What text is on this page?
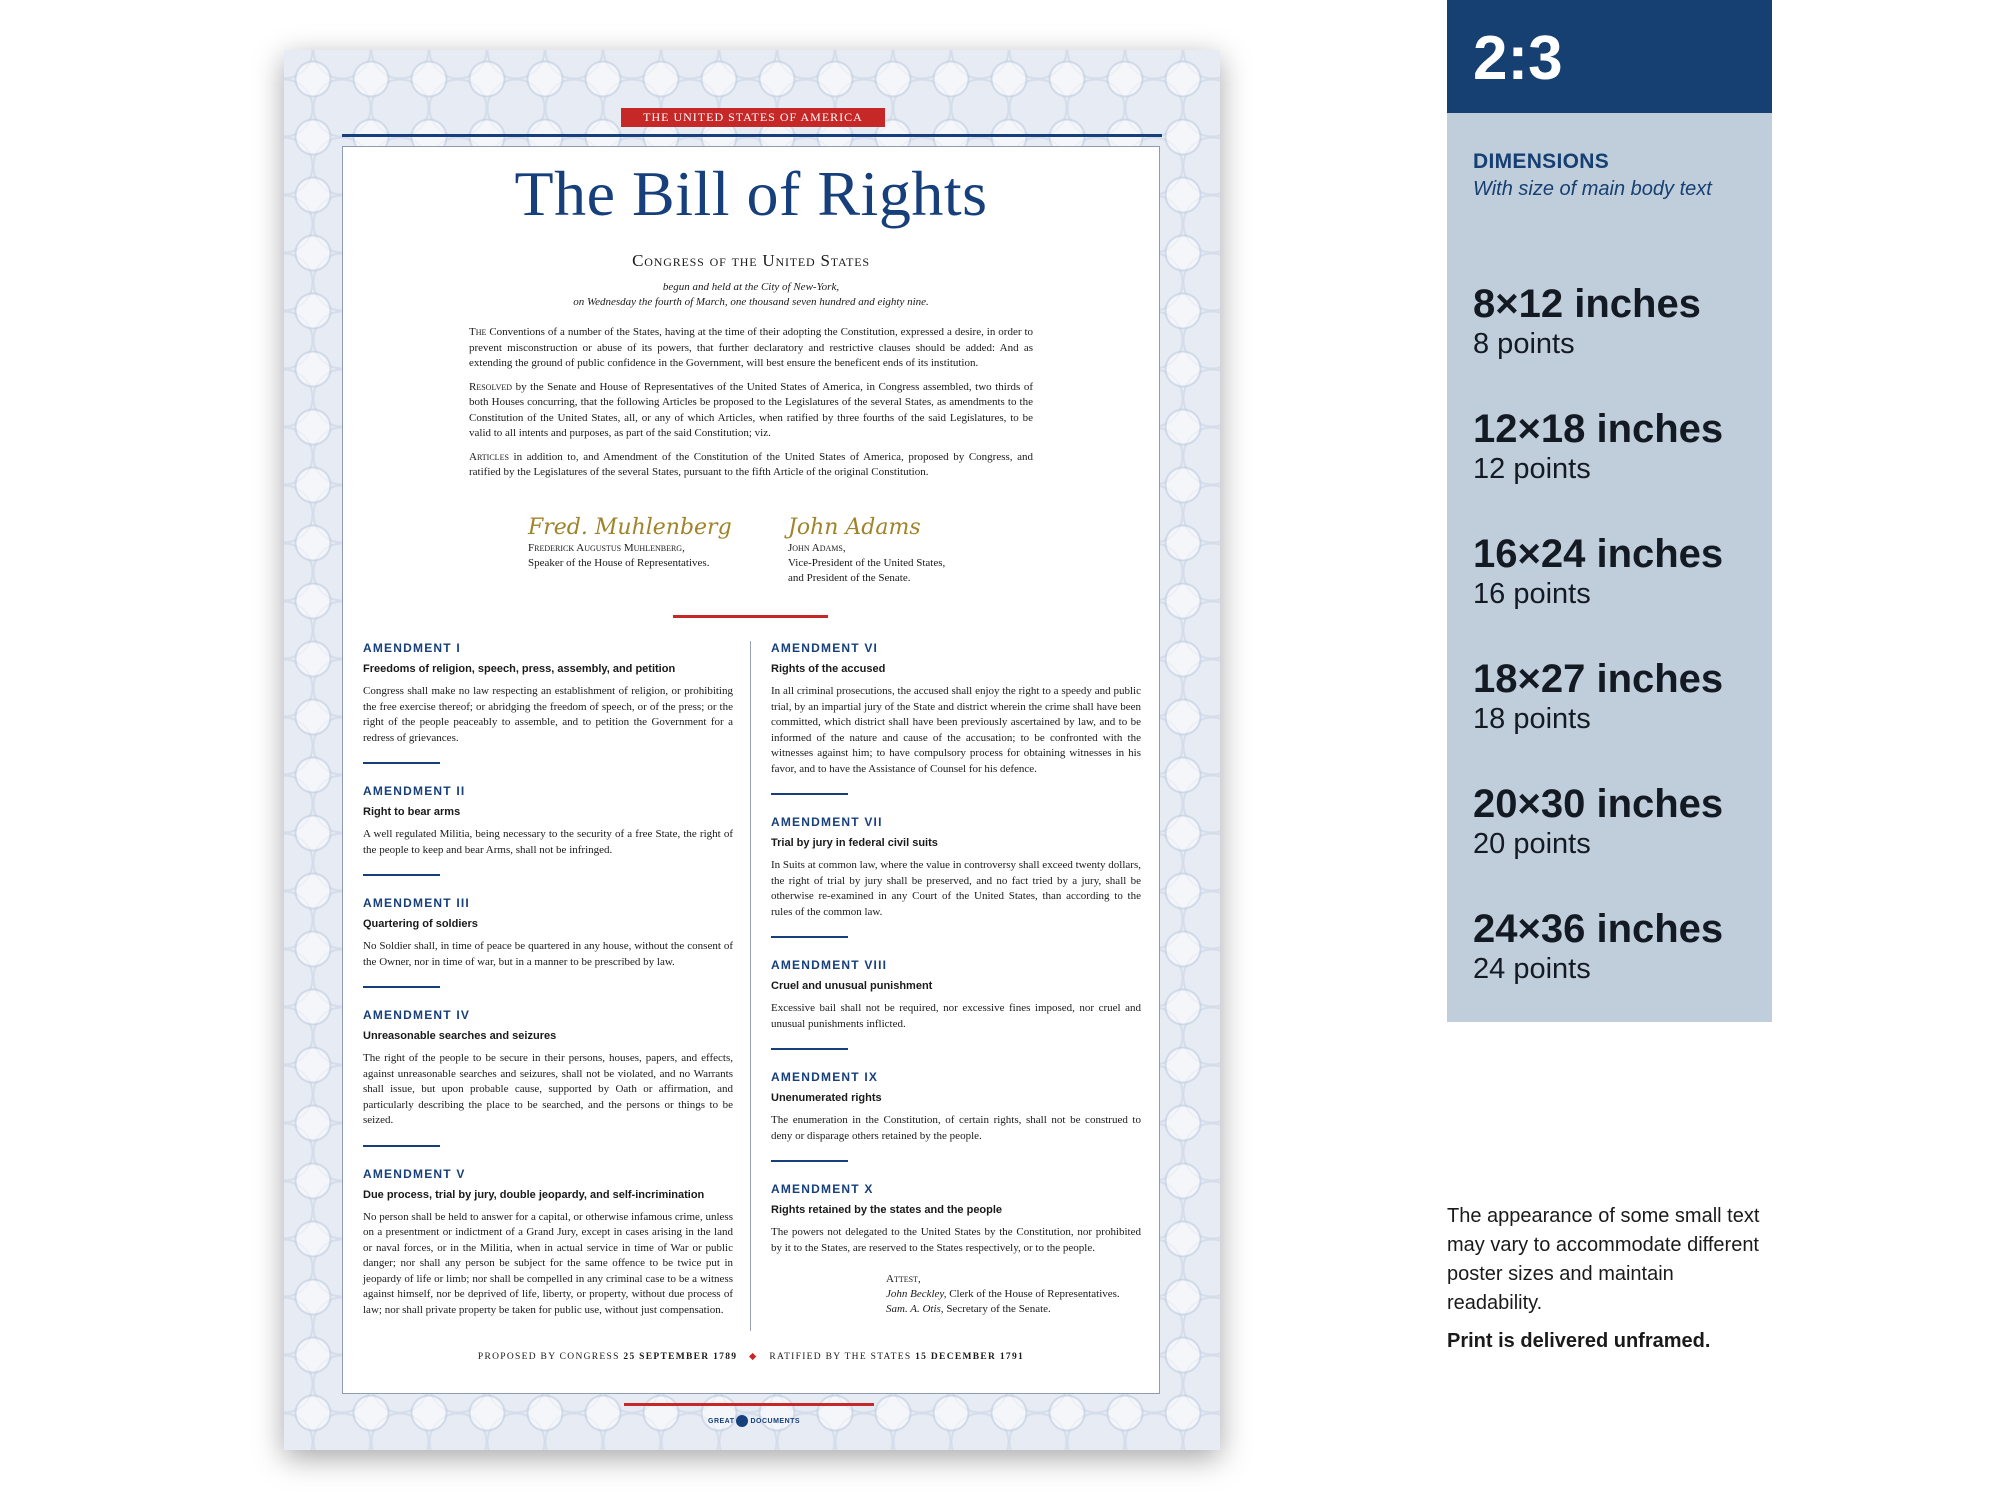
THE UNITED STATES OF AMERICA
The Bill of Rights
Congress of the United States
begun and held at the City of New-York,
on Wednesday the fourth of March, one thousand seven hundred and eighty nine.

The Conventions of a number of the States, having at the time of their adopting the Constitution, expressed a desire, in order to prevent misconstruction or abuse of its powers, that further declaratory and restrictive clauses should be added: And as extending the ground of public confidence in the Government, will best ensure the beneficent ends of its institution.

Resolved by the Senate and House of Representatives of the United States of America, in Congress assembled, two thirds of both Houses concurring, that the following Articles be proposed to the Legislatures of the several States, as amendments to the Constitution of the United States, all, or any of which Articles, when ratified by three fourths of the said Legislatures, to be valid to all intents and purposes, as part of the said Constitution; viz.

Articles in addition to, and Amendment of the Constitution of the United States of America, proposed by Congress, and ratified by the Legislatures of the several States, pursuant to the fifth Article of the original Constitution.

Fred. Muhlenberg
Frederick Augustus Muhlenberg,
Speaker of the House of Representatives.
John Adams
John Adams,
Vice-President of the United States,
and President of the Senate.
AMENDMENT I
Freedoms of religion, speech, press, assembly, and petition

Congress shall make no law respecting an establishment of religion, or prohibiting the free exercise thereof; or abridging the freedom of speech, or of the press; or the right of the people peaceably to assemble, and to petition the Government for a redress of grievances.

AMENDMENT II
Right to bear arms

A well regulated Militia, being necessary to the security of a free State, the right of the people to keep and bear Arms, shall not be infringed.

AMENDMENT III
Quartering of soldiers

No Soldier shall, in time of peace be quartered in any house, without the consent of the Owner, nor in time of war, but in a manner to be prescribed by law.

AMENDMENT IV
Unreasonable searches and seizures

The right of the people to be secure in their persons, houses, papers, and effects, against unreasonable searches and seizures, shall not be violated, and no Warrants shall issue, but upon probable cause, supported by Oath or affirmation, and particularly describing the place to be searched, and the persons or things to be seized.

AMENDMENT V
Due process, trial by jury, double jeopardy, and self-incrimination

No person shall be held to answer for a capital, or otherwise infamous crime, unless on a presentment or indictment of a Grand Jury, except in cases arising in the land or naval forces, or in the Militia, when in actual service in time of War or public danger; nor shall any person be subject for the same offence to be twice put in jeopardy of life or limb; nor shall be compelled in any criminal case to be a witness against himself, nor be deprived of life, liberty, or property, without due process of law; nor shall private property be taken for public use, without just compensation.

AMENDMENT VI
Rights of the accused

In all criminal prosecutions, the accused shall enjoy the right to a speedy and public trial, by an impartial jury of the State and district wherein the crime shall have been committed, which district shall have been previously ascertained by law, and to be informed of the nature and cause of the accusation; to be confronted with the witnesses against him; to have compulsory process for obtaining witnesses in his favor, and to have the Assistance of Counsel for his defence.

AMENDMENT VII
Trial by jury in federal civil suits

In Suits at common law, where the value in controversy shall exceed twenty dollars, the right of trial by jury shall be preserved, and no fact tried by a jury, shall be otherwise re-examined in any Court of the United States, than according to the rules of the common law.

AMENDMENT VIII
Cruel and unusual punishment

Excessive bail shall not be required, nor excessive fines imposed, nor cruel and unusual punishments inflicted.

AMENDMENT IX
Unenumerated rights

The enumeration in the Constitution, of certain rights, shall not be construed to deny or disparage others retained by the people.

AMENDMENT X
Rights retained by the states and the people

The powers not delegated to the United States by the Constitution, nor prohibited by it to the States, are reserved to the States respectively, or to the people.

Attest,
John Beckley, Clerk of the House of Representatives.
Sam. A. Otis, Secretary of the Senate.
PROPOSED BY CONGRESS 25 SEPTEMBER 1789 ◆ RATIFIED BY THE STATES 15 DECEMBER 1791
GREAT DOCUMENTS
2:3
DIMENSIONS
With size of main body text
8×12 inches
8 points
12×18 inches
12 points
16×24 inches
16 points
18×27 inches
18 points
20×30 inches
20 points
24×36 inches
24 points
The appearance of some small text may vary to accommodate different poster sizes and maintain readability.
Print is delivered unframed.
